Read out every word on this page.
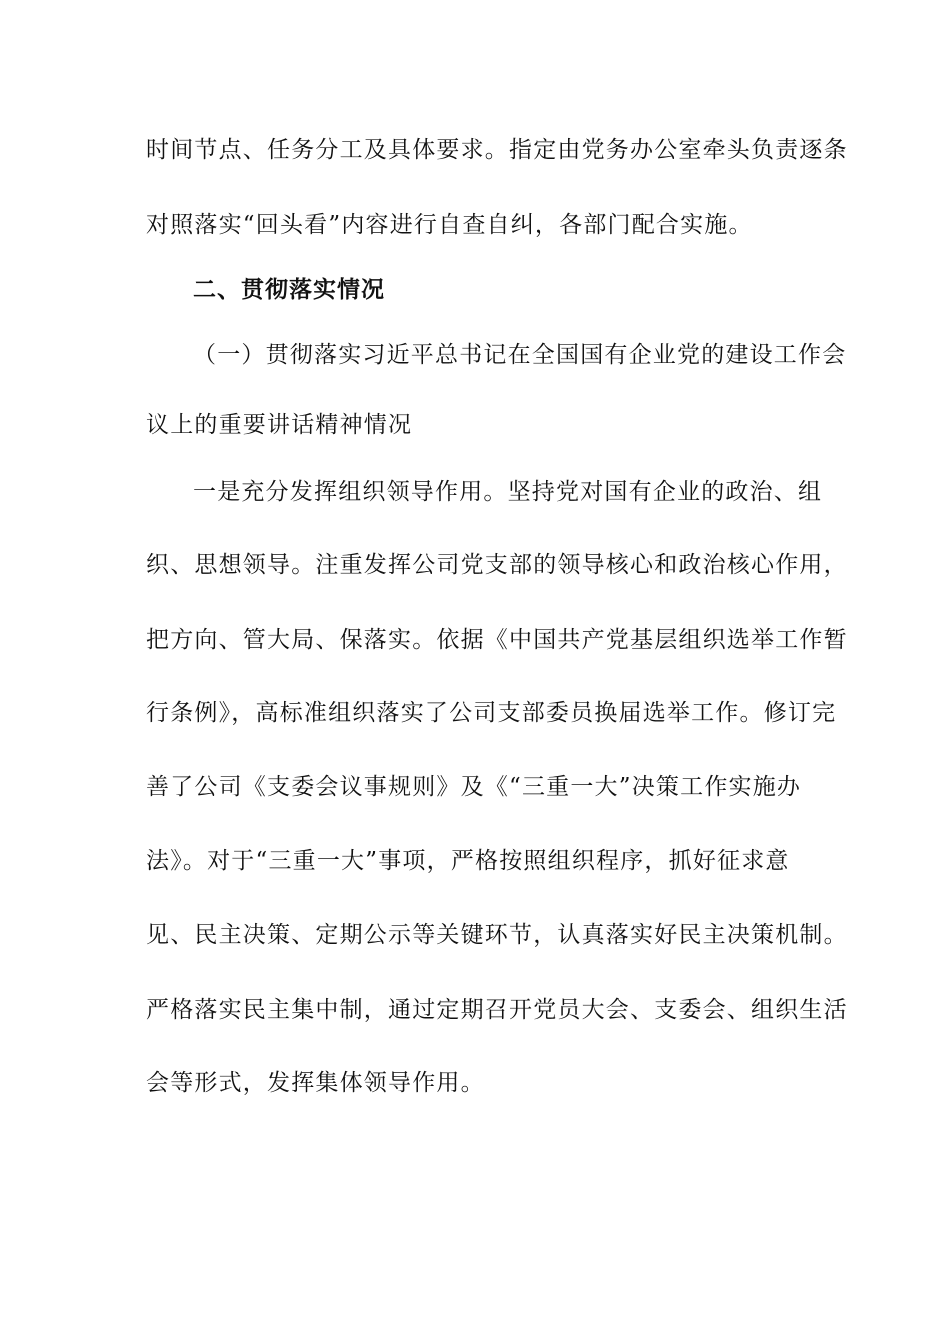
时间节点、任务分工及具体要求。指定由党务办公室牵头负责逐条
对照落实“回头看”内容进行自查自纠，各部门配合实施。
二、贯彻落实情况
（一）贯彻落实习近平总书记在全国国有企业党的建设工作会
议上的重要讲话精神情况
一是充分发挥组织领导作用。坚持党对国有企业的政治、组
织、思想领导。注重发挥公司党支部的领导核心和政治核心作用，
把方向、管大局、保落实。依据《中国共产党基层组织选举工作暂
行条例》，高标准组织落实了公司支部委员换届选举工作。修订完
善了公司《支委会议事规则》及《“三重一大”决策工作实施办
法》。对于“三重一大”事项，严格按照组织程序，抓好征求意
见、民主决策、定期公示等关键环节，认真落实好民主决策机制。
严格落实民主集中制，通过定期召开党员大会、支委会、组织生活
会等形式，发挥集体领导作用。
